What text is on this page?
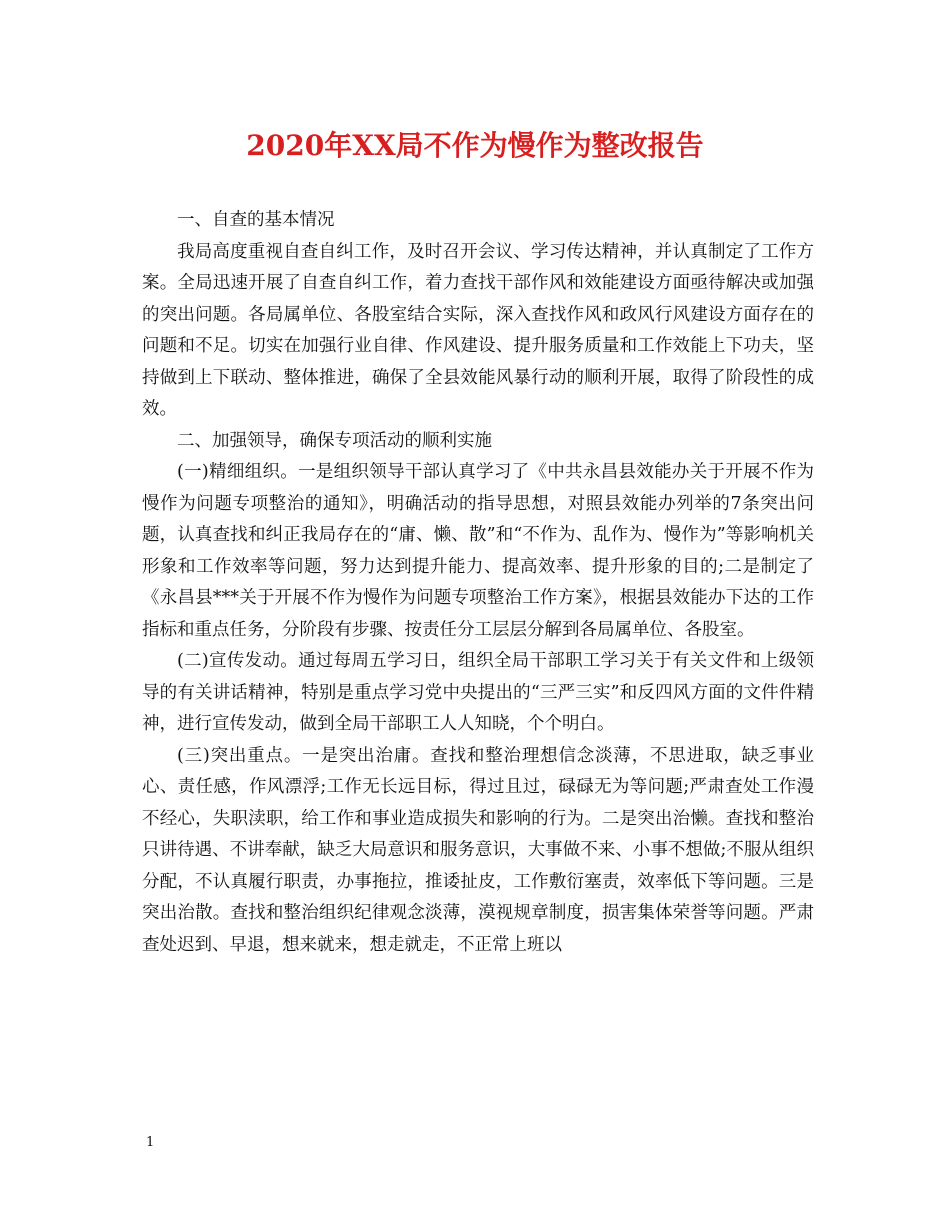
2020年XX局不作为慢作为整改报告

一、自查的基本情况

我局高度重视自查自纠工作，及时召开会议、学习传达精神，并认真制定了工作方案。全局迅速开展了自查自纠工作，着力查找干部作风和效能建设方面亟待解决或加强的突出问题。各局属单位、各股室结合实际，深入查找作风和政风行风建设方面存在的问题和不足。切实在加强行业自律、作风建设、提升服务质量和工作效能上下功夫，坚持做到上下联动、整体推进，确保了全县效能风暴行动的顺利开展，取得了阶段性的成效。

二、加强领导，确保专项活动的顺利实施

(一)精细组织。一是组织领导干部认真学习了《中共永昌县效能办关于开展不作为慢作为问题专项整治的通知》，明确活动的指导思想，对照县效能办列举的7条突出问题，认真查找和纠正我局存在的“庸、懒、散”和“不作为、乱作为、慢作为”等影响机关形象和工作效率等问题，努力达到提升能力、提高效率、提升形象的目的;二是制定了《永昌县***关于开展不作为慢作为问题专项整治工作方案》，根据县效能办下达的工作指标和重点任务，分阶段有步骤、按责任分工层层分解到各局属单位、各股室。

(二)宣传发动。通过每周五学习日，组织全局干部职工学习关于有关文件和上级领导的有关讲话精神，特别是重点学习党中央提出的“三严三实”和反四风方面的文件件精神，进行宣传发动，做到全局干部职工人人知晓，个个明白。

(三)突出重点。一是突出治庸。查找和整治理想信念淡薄，不思进取，缺乏事业心、责任感，作风漂浮;工作无长远目标，得过且过，碌碌无为等问题;严肃查处工作漫不经心，失职渎职，给工作和事业造成损失和影响的行为。二是突出治懒。查找和整治只讲待遇、不讲奉献，缺乏大局意识和服务意识，大事做不来、小事不想做;不服从组织分配，不认真履行职责，办事拖拉，推诿扯皮，工作敷衍塞责，效率低下等问题。三是突出治散。查找和整治组织纪律观念淡薄，漠视规章制度，损害集体荣誉等问题。严肃查处迟到、早退，想来就来，想走就走，不正常上班以

1
